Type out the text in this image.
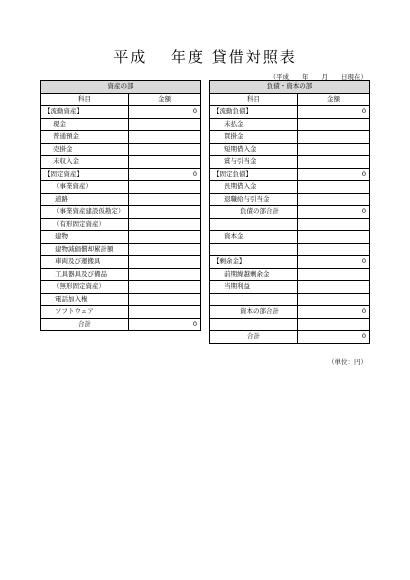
平成　 年度 貸借対照表
（平成　　年　　月　　日現在）
資産の部	
科目	金額
【流動資産】	0
現金	
普通預金	
売掛金	
未収入金	
【固定資産】	0
（事業資産）	
道路	
（事業資産建設仮勘定）	
（有形固定資産）	
建物	
建物減価償却累計額	
車両及び運搬具	
工具器具及び備品	
（無形固定資産）	
電話加入権	
ソフトウェア	
合計	0
負債・資本の部	
科目	金額
【流動負債】	0
未払金	
買掛金	
短期借入金	
賞与引当金	
【固定負債】	0
長期借入金	
退職給与引当金	
負債の部合計	0

資本金	

【剰余金】	0
前期繰越剰余金	
当期利益	

資本の部合計	0

合計	0
（単位：円）
